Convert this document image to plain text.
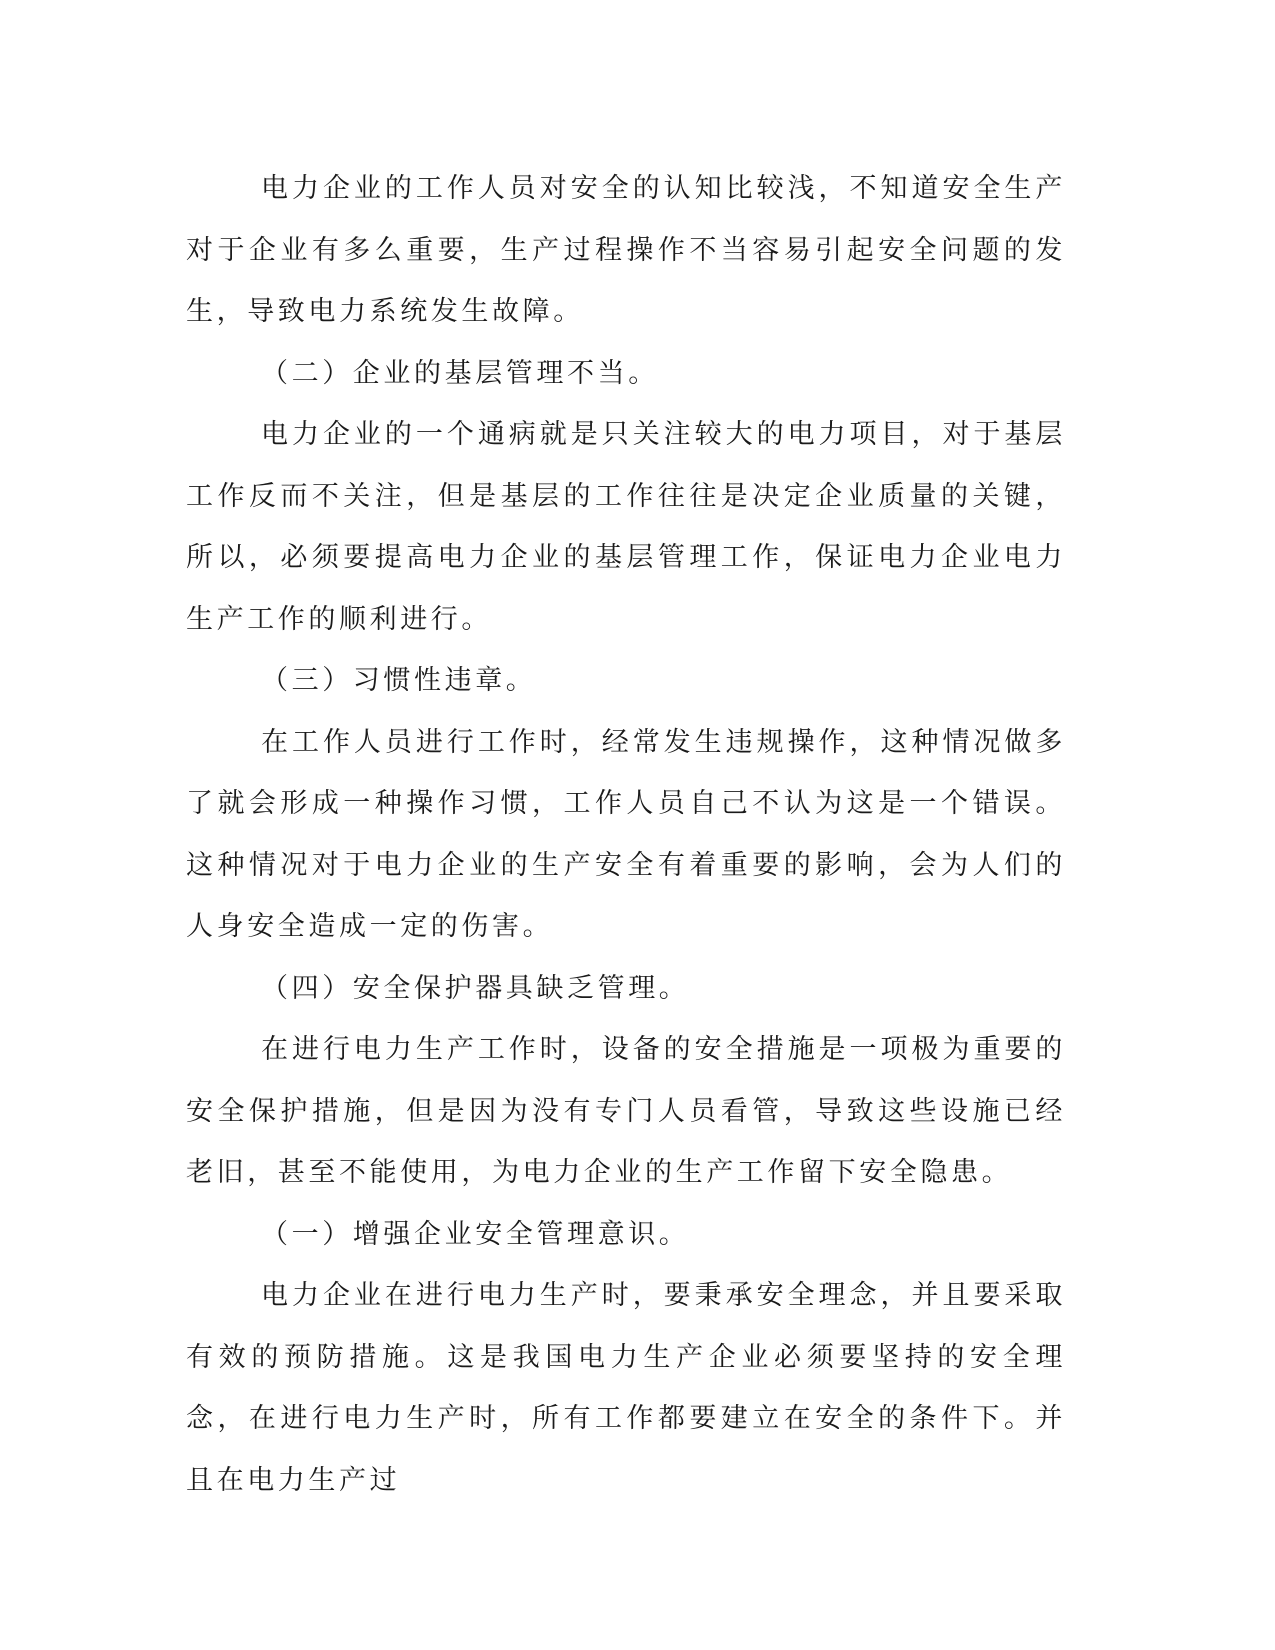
电力企业的工作人员对安全的认知比较浅，不知道安全生产对于企业有多么重要，生产过程操作不当容易引起安全问题的发生，导致电力系统发生故障。

（二）企业的基层管理不当。

电力企业的一个通病就是只关注较大的电力项目，对于基层工作反而不关注，但是基层的工作往往是决定企业质量的关键，所以，必须要提高电力企业的基层管理工作，保证电力企业电力生产工作的顺利进行。

（三）习惯性违章。

在工作人员进行工作时，经常发生违规操作，这种情况做多了就会形成一种操作习惯，工作人员自己不认为这是一个错误。这种情况对于电力企业的生产安全有着重要的影响，会为人们的人身安全造成一定的伤害。

（四）安全保护器具缺乏管理。

在进行电力生产工作时，设备的安全措施是一项极为重要的安全保护措施，但是因为没有专门人员看管，导致这些设施已经老旧，甚至不能使用，为电力企业的生产工作留下安全隐患。

（一）增强企业安全管理意识。

电力企业在进行电力生产时，要秉承安全理念，并且要采取有效的预防措施。这是我国电力生产企业必须要坚持的安全理念，在进行电力生产时，所有工作都要建立在安全的条件下。并且在电力生产过
